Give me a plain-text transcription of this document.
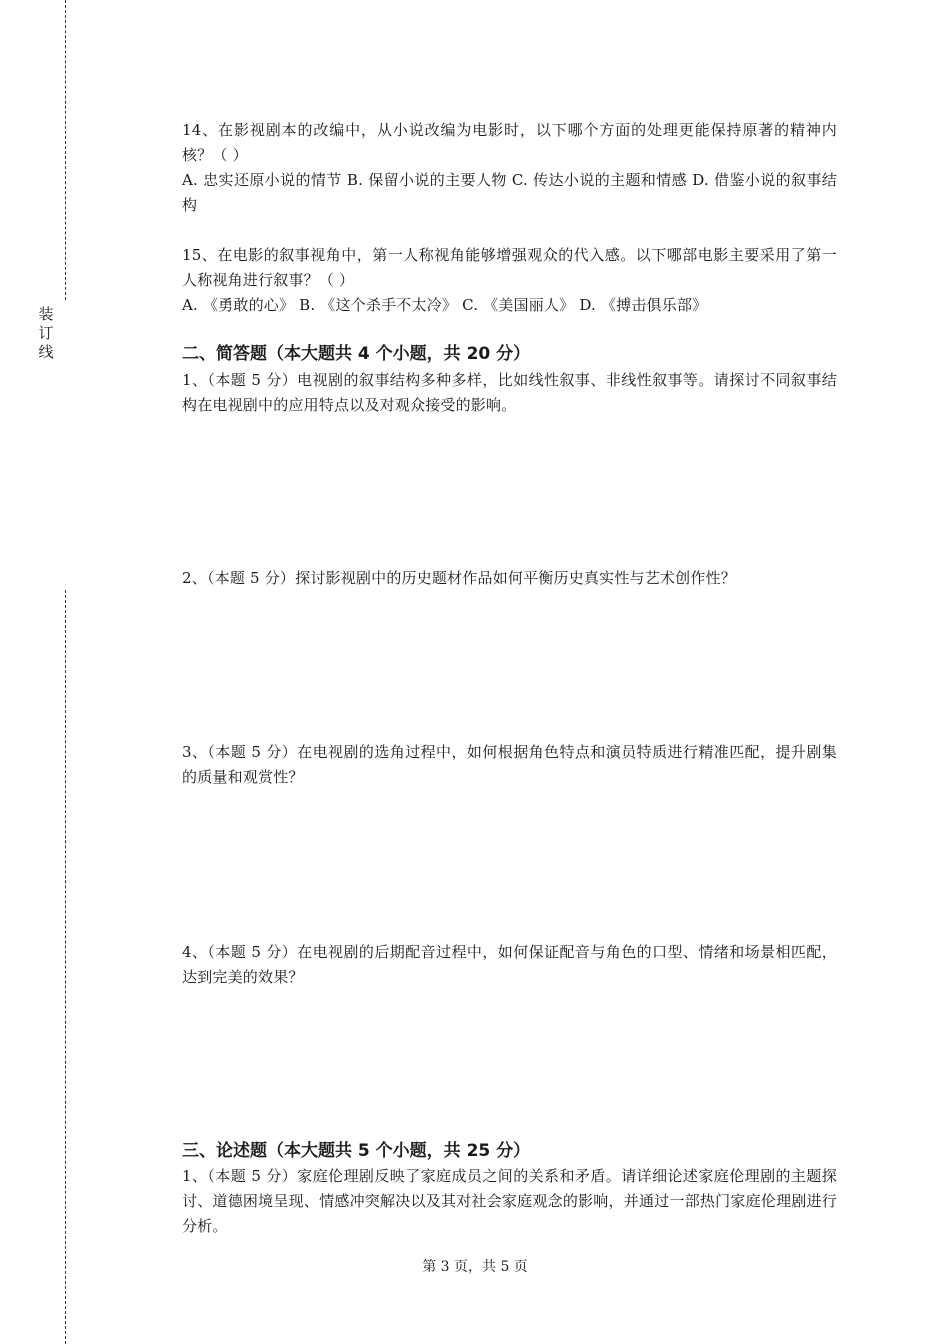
装
订
线

14、在影视剧本的改编中，从小说改编为电影时，以下哪个方面的处理更能保持原著的精神内核？（ ）

A. 忠实还原小说的情节 B. 保留小说的主要人物 C. 传达小说的主题和情感 D. 借鉴小说的叙事结构

15、在电影的叙事视角中，第一人称视角能够增强观众的代入感。以下哪部电影主要采用了第一人称视角进行叙事？（ ）

A. 《勇敢的心》 B. 《这个杀手不太冷》 C. 《美国丽人》 D. 《搏击俱乐部》

二、简答题（本大题共 4 个小题，共 20 分）

1、（本题 5 分）电视剧的叙事结构多种多样，比如线性叙事、非线性叙事等。请探讨不同叙事结构在电视剧中的应用特点以及对观众接受的影响。

2、（本题 5 分）探讨影视剧中的历史题材作品如何平衡历史真实性与艺术创作性？

3、（本题 5 分）在电视剧的选角过程中，如何根据角色特点和演员特质进行精准匹配，提升剧集的质量和观赏性？

4、（本题 5 分）在电视剧的后期配音过程中，如何保证配音与角色的口型、情绪和场景相匹配，达到完美的效果？

三、论述题（本大题共 5 个小题，共 25 分）

1、（本题 5 分）家庭伦理剧反映了家庭成员之间的关系和矛盾。请详细论述家庭伦理剧的主题探讨、道德困境呈现、情感冲突解决以及其对社会家庭观念的影响，并通过一部热门家庭伦理剧进行分析。

第 3 页，共 5 页
